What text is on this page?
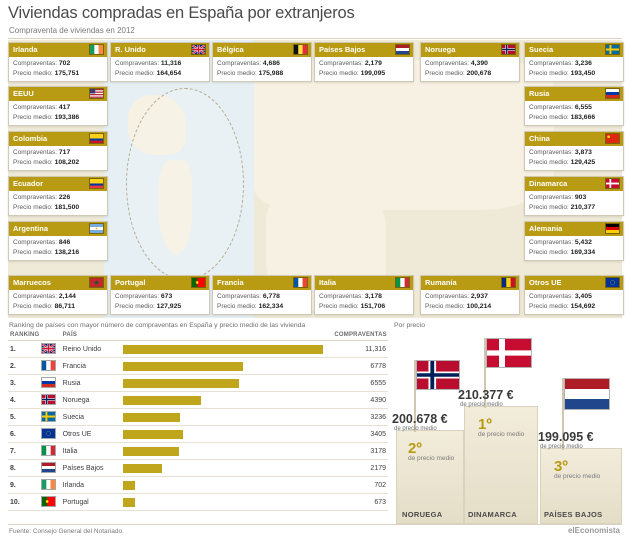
Viviendas compradas en España por extranjeros
Compraventa de viviendas en 2012
Irlanda
Compraventas: 702
Precio medio: 175,751
R. Unido
Compraventas: 11,316
Precio medio: 164,654
Bélgica
Compraventas: 4,686
Precio medio: 175,988
Países Bajos
Compraventas: 2,179
Precio medio: 199,095
Noruega
Compraventas: 4,390
Precio medio: 200,678
Suecia
Compraventas: 3,236
Precio medio: 193,450
EEUU
Compraventas: 417
Precio medio: 193,386
Rusia
Compraventas: 6,555
Precio medio: 183,666
Colombia
Compraventas: 717
Precio medio: 108,202
China
Compraventas: 3,873
Precio medio: 129,425
Ecuador
Compraventas: 226
Precio medio: 181,500
Dinamarca
Compraventas: 903
Precio medio: 210,377
Argentina
Compraventas: 846
Precio medio: 138,216
Alemania
Compraventas: 5,432
Precio medio: 169,334
Marruecos
Compraventas: 2,144
Precio medio: 86,711
Portugal
Compraventas: 673
Precio medio: 127,925
Francia
Compraventas: 6,778
Precio medio: 162,334
Italia
Compraventas: 3,178
Precio medio: 151,706
Rumanía
Compraventas: 2,937
Precio medio: 100,214
Otros UE
Compraventas: 3,405
Precio medio: 154,692
Ranking de países con mayor número de compraventas en España y precio medio de las vivienda
RANKING		PAÍS		COMPRAVENTAS
1.		Reino Unido		11,316
2.		Francia		6778
3.		Rusia		6555
4.		Noruega		4390
5.		Suecia		3236
6.		Otros UE		3405
7.		Italia		3178
8.		Países Bajos		2179
9.		Irlanda		702
10.		Portugal		673
Por precio
200.678 €
de precio medio
210.377 €
de precio medio
199.095 €
de precio medio
2º
de precio medio
1º
de precio medio
3º
de precio medio
NORUEGA	DINAMARCA	PAÍSES BAJOS
Fuente: Consejo General del Notariado.	elEconomista
